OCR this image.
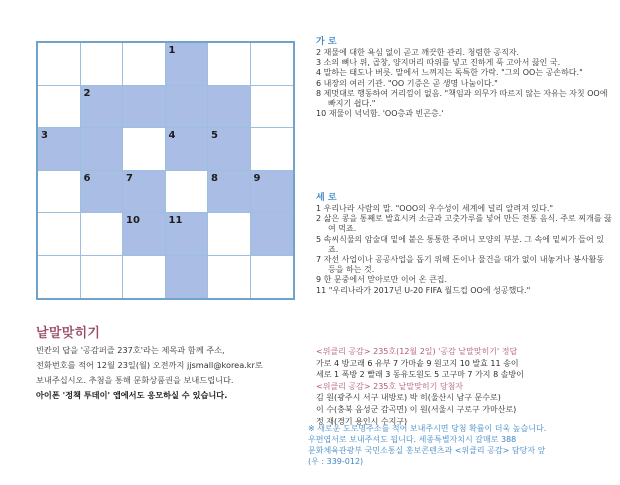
1
2
3	4	5
6	7	8	9
10	11
낱말맞히기

빈칸의 답을 '공감퍼즐 237호'라는 제목과 함께 주소,

전화번호를 적어 12월 23일(월) 오전까지 jjsmall@korea.kr로

보내주십시오. 추첨을 통해 문화상품권을 보내드립니다.

아이폰 '정책 투데이' 앱에서도 응모하실 수 있습니다.

가 로

2 재물에 대한 욕심 없이 곧고 깨끗한 관리. 청렴한 공직자.

3 소의 뼈나 위, 곱창, 양지머리 따위를 넣고 진하게 푹 고아서 끓인 국.

4 말하는 태도나 버릇. 말에서 느껴지는 독특한 가락. "그의 OO는 공손하다."

6 내장의 여러 기관. "OO 기증은 곧 생명 나눔이다."

8 제멋대로 행동하여 거리낌이 없음. "책임과 의무가 따르지 않는 자유는 자칫 OO에 빠지기 쉽다."

10 재물이 넉넉함. 'OO층과 빈곤층.'

세 로

1 우리나라 사람의 말. "OOO의 우수성이 세계에 널리 알려져 있다."

2 삶은 콩을 통째로 발효시켜 소금과 고춧가루를 넣어 만든 전통 음식. 주로 찌개를 끓여 먹죠.

5 속씨식물의 암술대 밑에 붙은 통통한 주머니 모양의 부분. 그 속에 밑씨가 들어 있죠.

7 자선 사업이나 공공사업을 돕기 위해 돈이나 물건을 대가 없이 내놓거나 봉사활동 등을 하는 것.

9 한 문중에서 맏아로만 이어 온 큰집.

11 "우리나라가 2017년 U-20 FIFA 월드컵 OO에 성공했다."

<위클리 공감> 235호(12월 2일) '공감 낱말맞히기' 정답

가로 4 방고래 6 유부 7 가마솥 9 원고지 10 발효 11 송이

세로 1 폭방 2 빨래 3 동유도원도 5 고구마 7 가지 8 솔방이

<위클리 공감> 235호 낱말맞히기 당첨자

김 원(광주시 서구 내방로) 박 히(울산시 남구 문수로)

이 수(충북 음성군 감곡면) 이 원(서울시 구로구 가마산로)

정 재(경기 용인시 수지구)

※ 새로운 도로명주소를 적어 보내주시면 당첨 확률이 더욱 높습니다.

우편엽서로 보내주셔도 됩니다. 세종특별자치시 갈매로 388

문화체육관광부 국민소통실 홍보콘텐츠과 <위클리 공감> 담당자 앞

(우 : 339-012)
